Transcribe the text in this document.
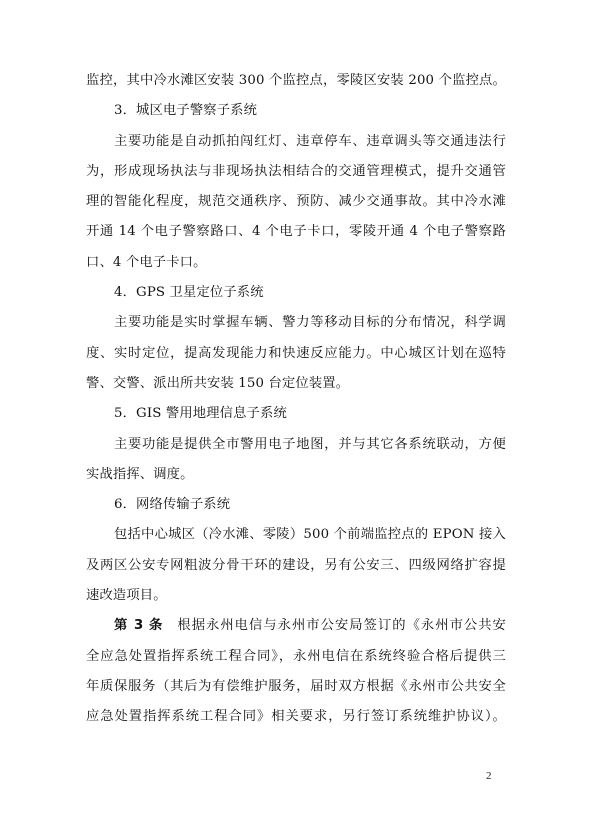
监控，其中冷水滩区安装 300 个监控点，零陵区安装 200 个监控点。
3．城区电子警察子系统
主要功能是自动抓拍闯红灯、违章停车、违章调头等交通违法行
为，形成现场执法与非现场执法相结合的交通管理模式，提升交通管
理的智能化程度，规范交通秩序、预防、减少交通事故。其中冷水滩
开通 14 个电子警察路口、4 个电子卡口，零陵开通 4 个电子警察路
口、4 个电子卡口。
4．GPS 卫星定位子系统
主要功能是实时掌握车辆、警力等移动目标的分布情况，科学调
度、实时定位，提高发现能力和快速反应能力。中心城区计划在巡特
警、交警、派出所共安装 150 台定位装置。
5．GIS 警用地理信息子系统
主要功能是提供全市警用电子地图，并与其它各系统联动，方便
实战指挥、调度。
6．网络传输子系统
包括中心城区（冷水滩、零陵）500 个前端监控点的 EPON 接入
及两区公安专网粗波分骨干环的建设，另有公安三、四级网络扩容提
速改造项目。
第 3 条 根据永州电信与永州市公安局签订的《永州市公共安
全应急处置指挥系统工程合同》，永州电信在系统终验合格后提供三
年质保服务（其后为有偿维护服务，届时双方根据《永州市公共安全
应急处置指挥系统工程合同》相关要求，另行签订系统维护协议）。
2
